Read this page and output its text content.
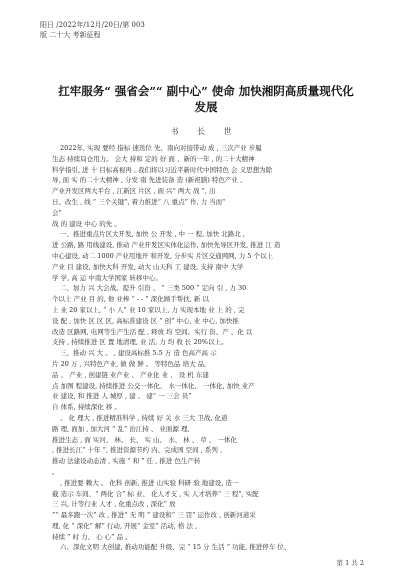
阳日 /2022年/12月/20日/第 003
版 二十大 考新征程
扛牢服务“ 强省会”“ 副中心” 使命 加快湘阴高质量现代化
发展
书 长 世
2022年, 实现 要经 指标 速迭位 先、南向对接带动 成 , 三次产业 步履
生态 持续局仓用力。 会大 持和 定的 好 面 、新的一年 , 的二十大精神
科学指引, 进 十 目标高视再 , 我们将以习近平新时代中国特色 会 义思想为除
导, 面 实 的二十大精神 , 分发 南 先进装备 造 (新祝膳) 特色产业 、
产业开发区两大平台 , 江新区 片区 , 面 兴“ 两大 战 ”, 出
日、改生 , 线 “ 三个关键”, 着力推进“ 八 重点” 作, 力 当而“
会”
战 的 建设 中心 的先 。
一、推进重点片区大开发, 加快 公 开发 , 中 一 程, 加快 北路北 ,
进 公路, 路 用线建设, 推动 产业开发区实体化运作, 加快先导区开发, 推进 江 造
中心建设, 动二 1000 产业用地开 和开发, 分步实 片区交通网网, 力 5 个以上
产业 目 建设, 加快大科 开发, 动大 山天科 工 建设, 支持 南中 大学
学 学, 高 运 中南大学国家 转移中心。
二、加力 兴 大会战。提升 引资 、 “ 三类 500 ” 定向 引 , 力 30
个以上 产业 目 的, 他 业棒 “ - - ” 深化顾手帮扶, 新 以
上 业 20 家以上, “ 小 人” 业 10 家以上, 力 实现本地 业 上 的 , 完
设 配 , 加快 区 区 区, 高标准建设 区 “ 创” 中心, 业 中心, 加快推
改造 区路网, 电网等生产生活 配 , 释放 均 空间。实行 资、产 、化 以
支持 , 持续推进 区 置 地清理, 业 活, 力 均 收 长 20%以上。
三、推动 兴 大 。 , 建设高标推 5.5 万 造 色高产高 示
片 20 万 , 兴特色产业, 做 做 鲜 。 等特色品 培大 品,
品 、 产业 , 创建链 业产业 、 产业化 业 、 设 机 东建
点 加图 程建设, 持续推进 公交一体化、 水一体化、 一体化, 加快 业产
业 建设, 和 推进 人 城厚 , 建 、 建“ 一 三会 员”
自 体系, 持续深化 移 。
、 化 理大 , 推进精准科学 , 持续 好 关 水 三大 卫战, 化道
路 理, 面加 , 加大河 “ 乱” 治江持 、 业面源 理,
推进生态 , 面 实河、 林、 长、 实 山、 水、 林 、 草 、 一体化
, 推进长江“ 十年 ”, 推进资源节约 内、完成国 空间 , 系列 ,
推动 法建设动态清 , 实施 “ 和 ” 任 , 推进 色生产转
。
, 推进要 赖大 。 化科 创新, 推进 山实验 科研 验 地建设, 造一
截 造示 车间、“ 两化 合” 标 业、 化人才支 , 实 人才培养“ 三 程”, 实配
三 兴, 计等行业 人才 , 化重点改 , 深化“ 放
”“ 最多跑一次” 改 , 推进“ 无 明 ” 建设和“ 三 罚” 运作改 , 创新河道采
理, 化 “ 深化” 解” 行动, 开展“ 金室” 活动, 格 法 ,
持续 ” 时 力、 心 心” 品 。
六、深化文明 大创建, 推动功能配 升级、完 “ 15 分 生活 ” 功能, 推进停车 位、
第 1 共 2
